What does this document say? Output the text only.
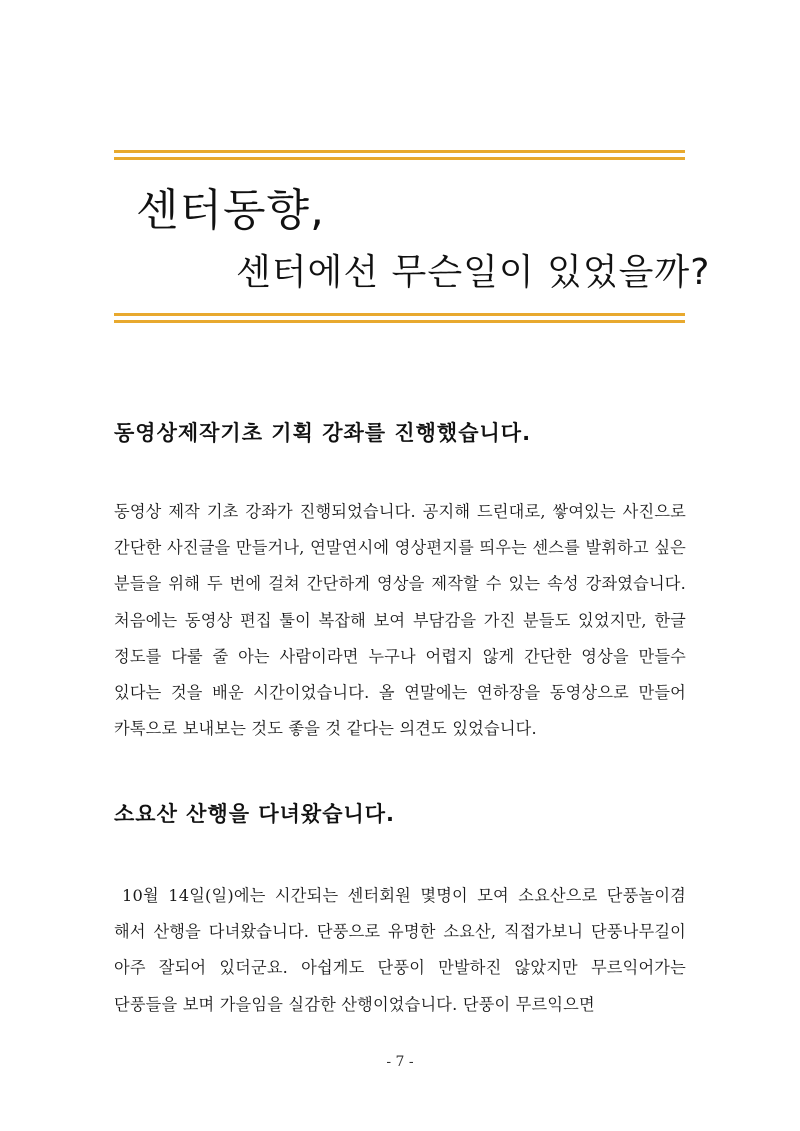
센터동향,
센터에선 무슨일이 있었을까?
동영상제작기초 기획 강좌를 진행했습니다.

동영상 제작 기초 강좌가 진행되었습니다. 공지해 드린대로, 쌓여있는 사진으로 간단한 사진글을 만들거나, 연말연시에 영상편지를 띄우는 센스를 발휘하고 싶은 분들을 위해 두 번에 걸쳐 간단하게 영상을 제작할 수 있는 속성 강좌였습니다. 처음에는 동영상 편집 툴이 복잡해 보여 부담감을 가진 분들도 있었지만, 한글 정도를 다룰 줄 아는 사람이라면 누구나 어렵지 않게 간단한 영상을 만들수 있다는 것을 배운 시간이었습니다. 올 연말에는 연하장을 동영상으로 만들어 카톡으로 보내보는 것도 좋을 것 같다는 의견도 있었습니다.

소요산 산행을 다녀왔습니다.

10월 14일(일)에는 시간되는 센터회원 몇명이 모여 소요산으로 단풍놀이겸 해서 산행을 다녀왔습니다. 단풍으로 유명한 소요산, 직접가보니 단풍나무길이 아주 잘되어 있더군요. 아쉽게도 단풍이 만발하진 않았지만 무르익어가는 단풍들을 보며 가을임을 실감한 산행이었습니다. 단풍이 무르익으면

- 7 -
